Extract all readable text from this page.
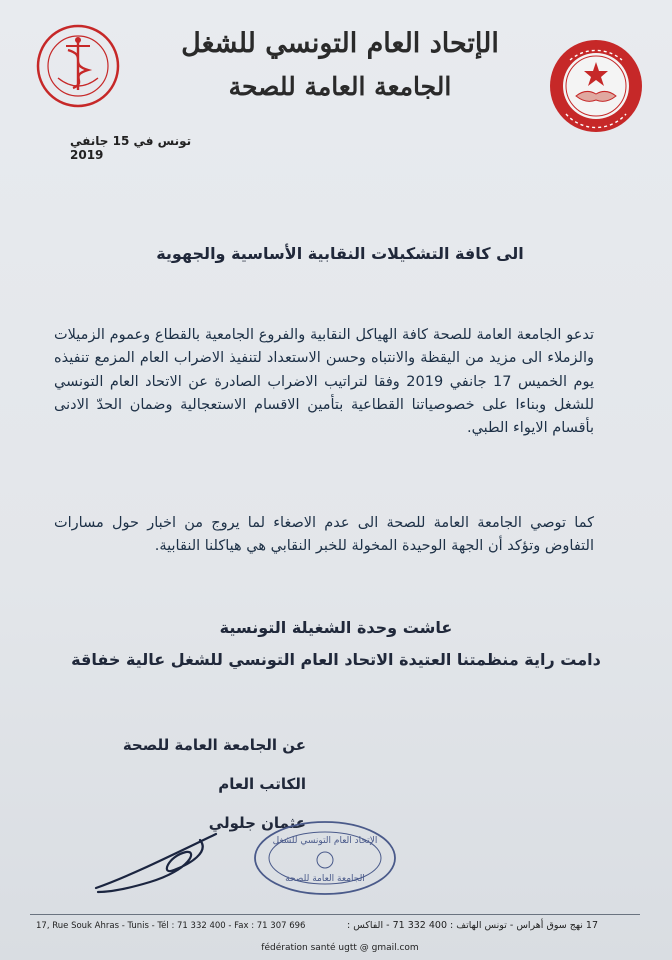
الإتحاد العام التونسي للشغل
الجامعة العامة للصحة
تونس في 15 جانفي 2019
الى كافة التشكيلات النقابية الأساسية والجهوية
تدعو الجامعة العامة للصحة كافة الهياكل النقابية والفروع الجامعية بالقطاع وعموم الزميلات والزملاء الى مزيد من اليقظة والانتباه وحسن الاستعداد لتنفيذ الاضراب العام المزمع تنفيذه يوم الخميس 17 جانفي 2019 وفقا لتراتيب الاضراب الصادرة عن الاتحاد العام التونسي للشغل وبناءا على خصوصياتنا القطاعية بتأمين الاقسام الاستعجالية وضمان الحدّ الادنى بأقسام الايواء الطبي.
كما توصي الجامعة العامة للصحة الى عدم الاصغاء لما يروج من اخبار حول مسارات التفاوض وتؤكد أن الجهة الوحيدة المخولة للخبر النقابي هي هياكلنا النقابية.
عاشت وحدة الشغيلة التونسية
دامت راية منظمتنا العتيدة الاتحاد العام التونسي للشغل عالية خفاقة
عن الجامعة العامة للصحة
الكاتب العام
عثمان جلولي
الإتحاد العام التونسي للشغل
الجامعة العامة للصحة
17, Rue Souk Ahras - Tunis - Tél : 71 332 400 - Fax : 71 307 696	17 نهج سوق أهراس - تونس الهاتف : 400 332 71 - الفاكس :
fédération santé ugtt @ gmail.com
